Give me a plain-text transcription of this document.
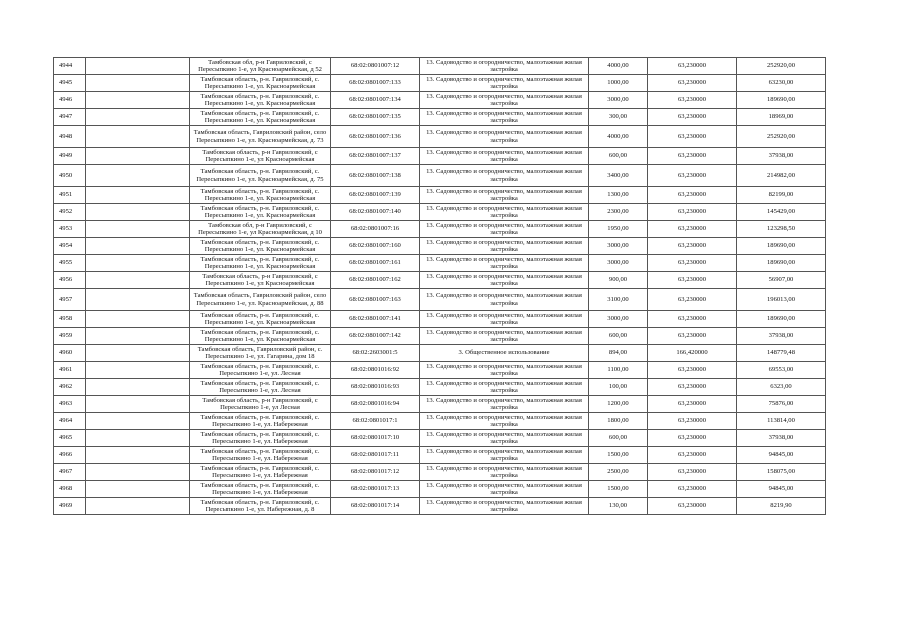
4944		Тамбовская обл, р-н Гавриловский, с Пересыпкино 1-е, ул Красноармейская, д 52	68:02:0801007:12	13. Садоводство и огородничество, малоэтажная жилая застройка	4000,00	63,230000	252920,00
4945		Тамбовская область, р-н. Гавриловский, с. Пересыпкино 1-е, ул. Красноармейская	68:02:0801007:133	13. Садоводство и огородничество, малоэтажная жилая застройка	1000,00	63,230000	63230,00
4946		Тамбовская область, р-н. Гавриловский, с. Пересыпкино 1-е, ул. Красноармейская	68:02:0801007:134	13. Садоводство и огородничество, малоэтажная жилая застройка	3000,00	63,230000	189690,00
4947		Тамбовская область, р-н. Гавриловский, с. Пересыпкино 1-е, ул. Красноармейская	68:02:0801007:135	13. Садоводство и огородничество, малоэтажная жилая застройка	300,00	63,230000	18969,00
4948		Тамбовская область, Гавриловский район, село Пересыпкино 1-е, ул. Красноармейская, д. 73	68:02:0801007:136	13. Садоводство и огородничество, малоэтажная жилая застройка	4000,00	63,230000	252920,00
4949		Тамбовская область, р-н Гавриловский, с Пересыпкино 1-е, ул Красноармейская	68:02:0801007:137	13. Садоводство и огородничество, малоэтажная жилая застройка	600,00	63,230000	37938,00
4950		Тамбовская область, р-н. Гавриловский, с. Пересыпкино 1-е, ул. Красноармейская, д. 75	68:02:0801007:138	13. Садоводство и огородничество, малоэтажная жилая застройка	3400,00	63,230000	214982,00
4951		Тамбовская область, р-н. Гавриловский, с. Пересыпкино 1-е, ул. Красноармейская	68:02:0801007:139	13. Садоводство и огородничество, малоэтажная жилая застройка	1300,00	63,230000	82199,00
4952		Тамбовская область, р-н. Гавриловский, с. Пересыпкино 1-е, ул. Красноармейская	68:02:0801007:140	13. Садоводство и огородничество, малоэтажная жилая застройка	2300,00	63,230000	145429,00
4953		Тамбовская обл, р-н Гавриловский, с Пересыпкино 1-е, ул Красноармейская, д 10	68:02:0801007:16	13. Садоводство и огородничество, малоэтажная жилая застройка	1950,00	63,230000	123298,50
4954		Тамбовская область, р-н. Гавриловский, с. Пересыпкино 1-е, ул. Красноармейская	68:02:0801007:160	13. Садоводство и огородничество, малоэтажная жилая застройка	3000,00	63,230000	189690,00
4955		Тамбовская область, р-н. Гавриловский, с. Пересыпкино 1-е, ул. Красноармейская	68:02:0801007:161	13. Садоводство и огородничество, малоэтажная жилая застройка	3000,00	63,230000	189690,00
4956		Тамбовская область, р-н Гавриловский, с Пересыпкино 1-е, ул Красноармейская	68:02:0801007:162	13. Садоводство и огородничество, малоэтажная жилая застройка	900,00	63,230000	56907,00
4957		Тамбовская область, Гавриловский район, село Пересыпкино 1-е, ул. Красноармейская, д. 88	68:02:0801007:163	13. Садоводство и огородничество, малоэтажная жилая застройка	3100,00	63,230000	196013,00
4958		Тамбовская область, р-н. Гавриловский, с. Пересыпкино 1-е, ул. Красноармейская	68:02:0801007:141	13. Садоводство и огородничество, малоэтажная жилая застройка	3000,00	63,230000	189690,00
4959		Тамбовская область, р-н. Гавриловский, с. Пересыпкино 1-е, ул. Красноармейская	68:02:0801007:142	13. Садоводство и огородничество, малоэтажная жилая застройка	600,00	63,230000	37938,00
4960		Тамбовская область, Гавриловский район, с. Пересыпкино 1-е, ул. Гагарина, дом 18	68:02:2603001:5	3. Общественное использование	894,00	166,420000	148779,48
4961		Тамбовская область, р-н. Гавриловский, с. Пересыпкино 1-е, ул. Лесная	68:02:0801016:92	13. Садоводство и огородничество, малоэтажная жилая застройка	1100,00	63,230000	69553,00
4962		Тамбовская область, р-н. Гавриловский, с. Пересыпкино 1-е, ул. Лесная	68:02:0801016:93	13. Садоводство и огородничество, малоэтажная жилая застройка	100,00	63,230000	6323,00
4963		Тамбовская область, р-н Гавриловский, с Пересыпкино 1-е, ул Лесная	68:02:0801016:94	13. Садоводство и огородничество, малоэтажная жилая застройка	1200,00	63,230000	75876,00
4964		Тамбовская область, р-н. Гавриловский, с. Пересыпкино 1-е, ул. Набережная	68:02:0801017:1	13. Садоводство и огородничество, малоэтажная жилая застройка	1800,00	63,230000	113814,00
4965		Тамбовская область, р-н. Гавриловский, с. Пересыпкино 1-е, ул. Набережная	68:02:0801017:10	13. Садоводство и огородничество, малоэтажная жилая застройка	600,00	63,230000	37938,00
4966		Тамбовская область, р-н. Гавриловский, с. Пересыпкино 1-е, ул. Набережная	68:02:0801017:11	13. Садоводство и огородничество, малоэтажная жилая застройка	1500,00	63,230000	94845,00
4967		Тамбовская область, р-н. Гавриловский, с. Пересыпкино 1-е, ул. Набережная	68:02:0801017:12	13. Садоводство и огородничество, малоэтажная жилая застройка	2500,00	63,230000	158075,00
4968		Тамбовская область, р-н. Гавриловский, с. Пересыпкино 1-е, ул. Набережная	68:02:0801017:13	13. Садоводство и огородничество, малоэтажная жилая застройка	1500,00	63,230000	94845,00
4969		Тамбовская область, р-н. Гавриловский, с. Пересыпкино 1-е, ул. Набережная, д. 8	68:02:0801017:14	13. Садоводство и огородничество, малоэтажная жилая застройка	130,00	63,230000	8219,90
